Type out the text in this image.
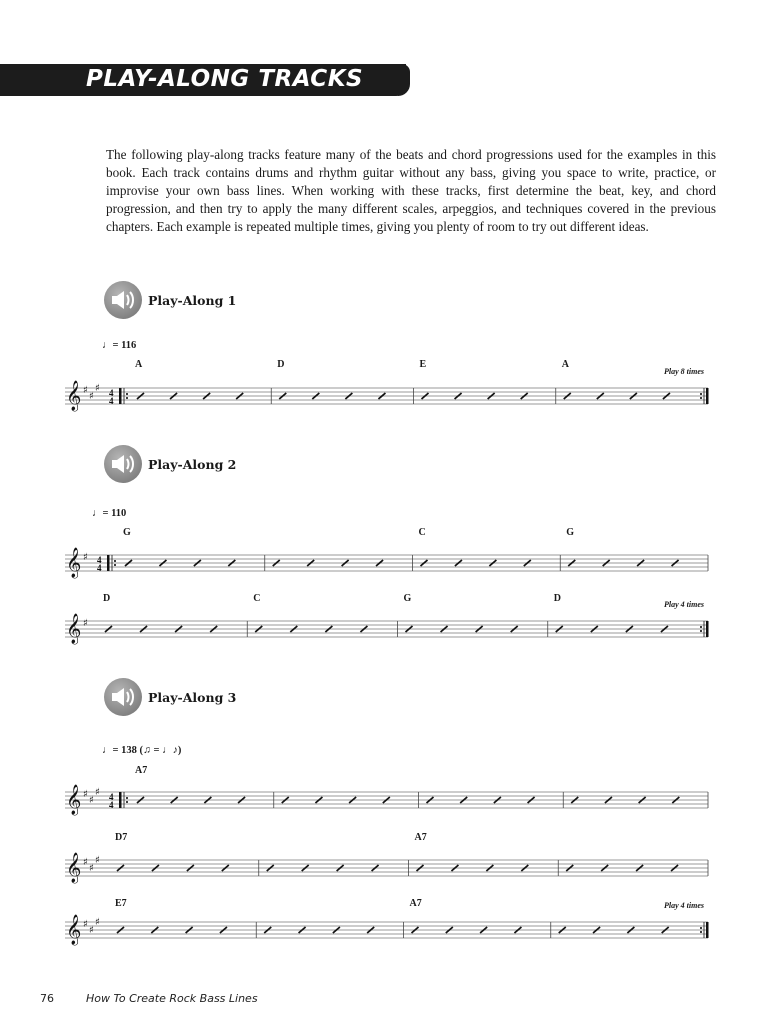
PLAY-ALONG TRACKS
The following play-along tracks feature many of the beats and chord progressions used for the examples in this book. Each track contains drums and rhythm guitar without any bass, giving you space to write, practice, or improvise your own bass lines. When working with these tracks, first determine the beat, key, and chord progression, and then try to apply the many different scales, arpeggios, and techniques covered in the previous chapters. Each example is repeated multiple times, giving you plenty of room to try out different ideas.
Play-Along 1
♩= 116
Play-Along 2
♩= 110
Play-Along 3
♩= 138 (♫ = ♩♪)
𝄞 ♯
♯
♯ 4
4
A	D	E	A
Play 8 times
𝄞 ♯ 4
4
G	C	G
𝄞 ♯
D	C	G	D
Play 4 times
𝄞 ♯
♯
♯ 4
4
A7
𝄞 ♯
♯
♯
D7	A7
𝄞 ♯
♯
♯
E7	A7	Play 4 times
76	How To Create Rock Bass Lines
